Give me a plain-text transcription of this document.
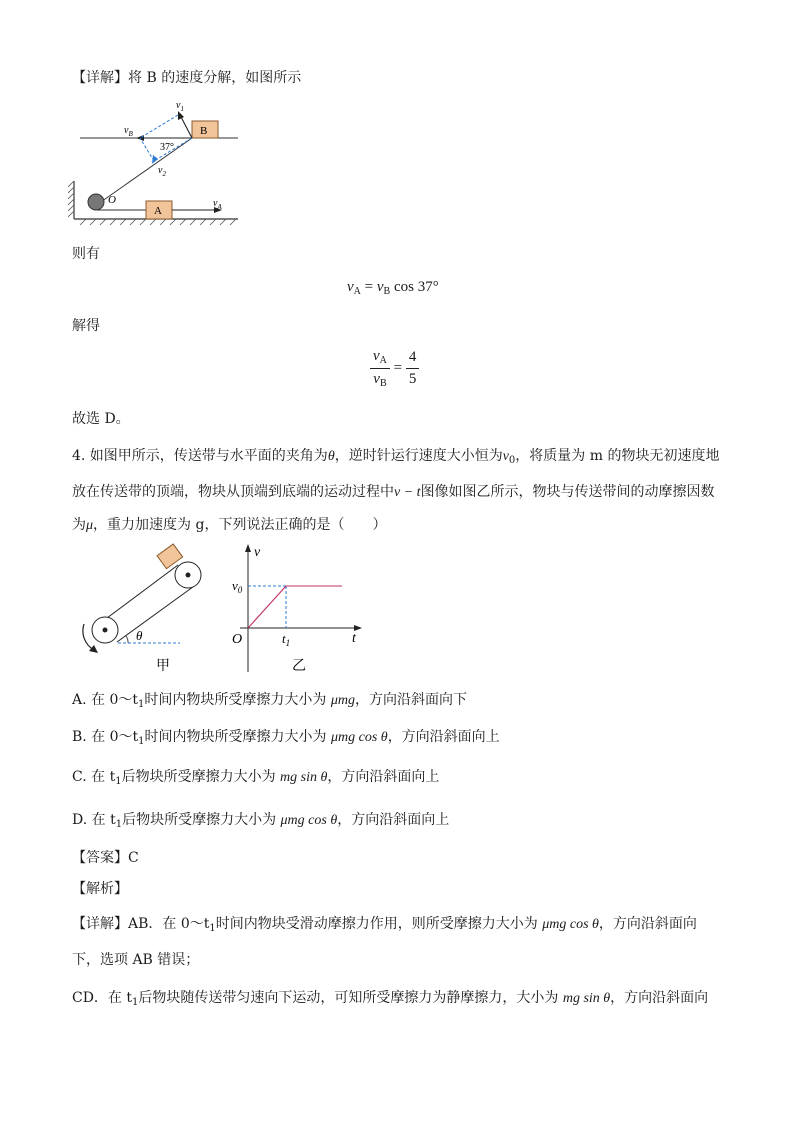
【详解】将 B 的速度分解，如图所示
B
$v_B$
$v_1$
$v_2$
37°
O
A
$v_A$
则有
$v_A = v_B$ cos 37°
解得
$\frac{v_A}{v_B} = \frac{4}{5}$
故选 D。
4. 如图甲所示，传送带与水平面的夹角为θ，逆时针运行速度大小恒为$v_0$，将质量为 m 的物块无初速度地
放在传送带的顶端，物块从顶端到底端的运动过程中v − t图像如图乙所示，物块与传送带间的动摩擦因数
为μ，重力加速度为 g，下列说法正确的是（　　）
θ
甲
v
t
O
$v_0$
$t_1$
乙
A. 在 $0\sim t_1$时间内物块所受摩擦力大小为 μmg，方向沿斜面向下
B. 在 $0\sim t_1$时间内物块所受摩擦力大小为 μmg cos θ，方向沿斜面向上
C. 在 $t_1$后物块所受摩擦力大小为 mg sin θ，方向沿斜面向上
D. 在 $t_1$后物块所受摩擦力大小为 μmg cos θ，方向沿斜面向上
【答案】C
【解析】
【详解】AB．在 $0\sim t_1$时间内物块受滑动摩擦力作用，则所受摩擦力大小为 μmg cos θ，方向沿斜面向
下，选项 AB 错误；
CD．在 $t_1$后物块随传送带匀速向下运动，可知所受摩擦力为静摩擦力，大小为 mg sin θ，方向沿斜面向
